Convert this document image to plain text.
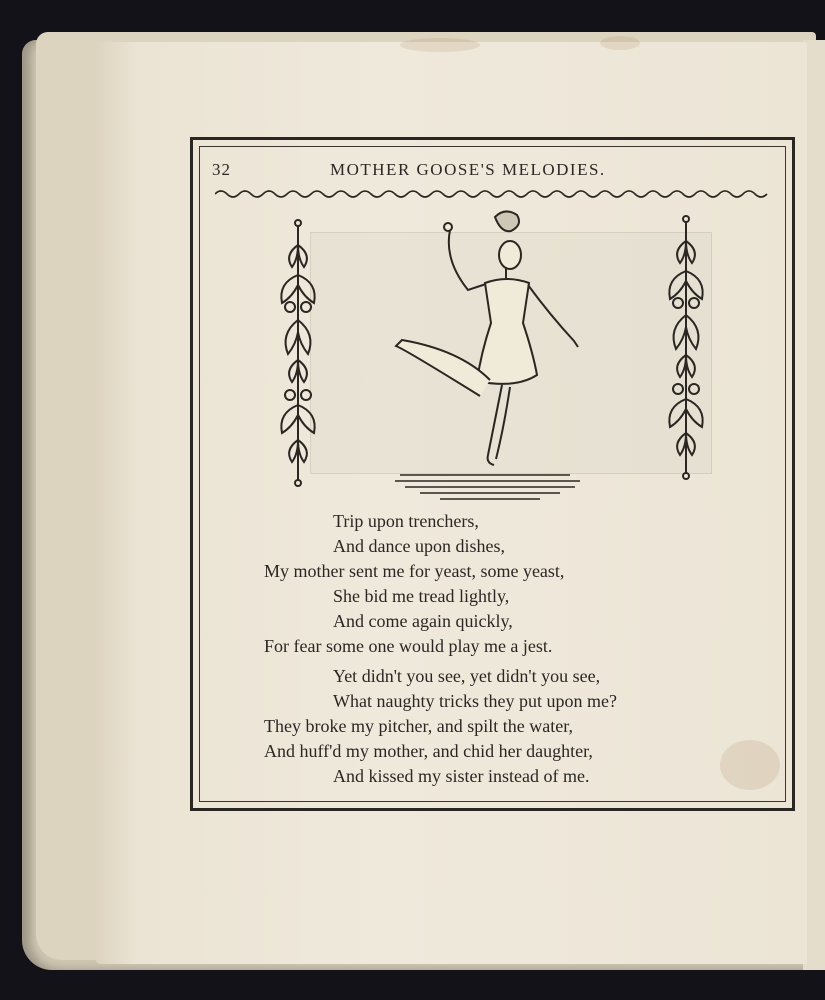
32	MOTHER GOOSE'S MELODIES.
Trip upon trenchers,
And dance upon dishes,
My mother sent me for yeast, some yeast,
She bid me tread lightly,
And come again quickly,
For fear some one would play me a jest.
Yet didn't you see, yet didn't you see,
What naughty tricks they put upon me?
They broke my pitcher, and spilt the water,
And huff'd my mother, and chid her daughter,
And kissed my sister instead of me.
